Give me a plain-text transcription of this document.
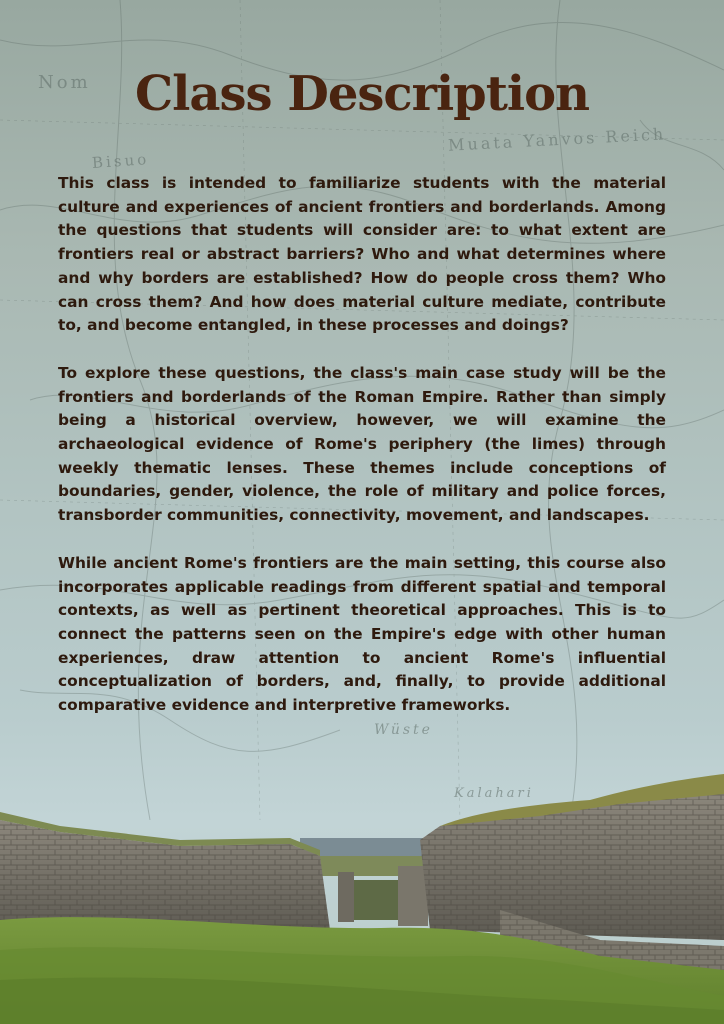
Muata Yanvos Reich
Nom
Bisuo
Wüste
Kalahari
Class Description

This class is intended to familiarize students with the material culture and experiences of ancient frontiers and borderlands. Among the questions that students will consider are: to what extent are frontiers real or abstract barriers? Who and what determines where and why borders are established? How do people cross them? Who can cross them? And how does material culture mediate, contribute to, and become entangled, in these processes and doings?

To explore these questions, the class's main case study will be the frontiers and borderlands of the Roman Empire. Rather than simply being a historical overview, however, we will examine the archaeological evidence of Rome's periphery (the limes) through weekly thematic lenses. These themes include conceptions of boundaries, gender, violence, the role of military and police forces, transborder communities, connectivity, movement, and landscapes.

While ancient Rome's frontiers are the main setting, this course also incorporates applicable readings from different spatial and temporal contexts, as well as pertinent theoretical approaches. This is to connect the patterns seen on the Empire's edge with other human experiences, draw attention to ancient Rome's influential conceptualization of borders, and, finally, to provide additional comparative evidence and interpretive frameworks.
